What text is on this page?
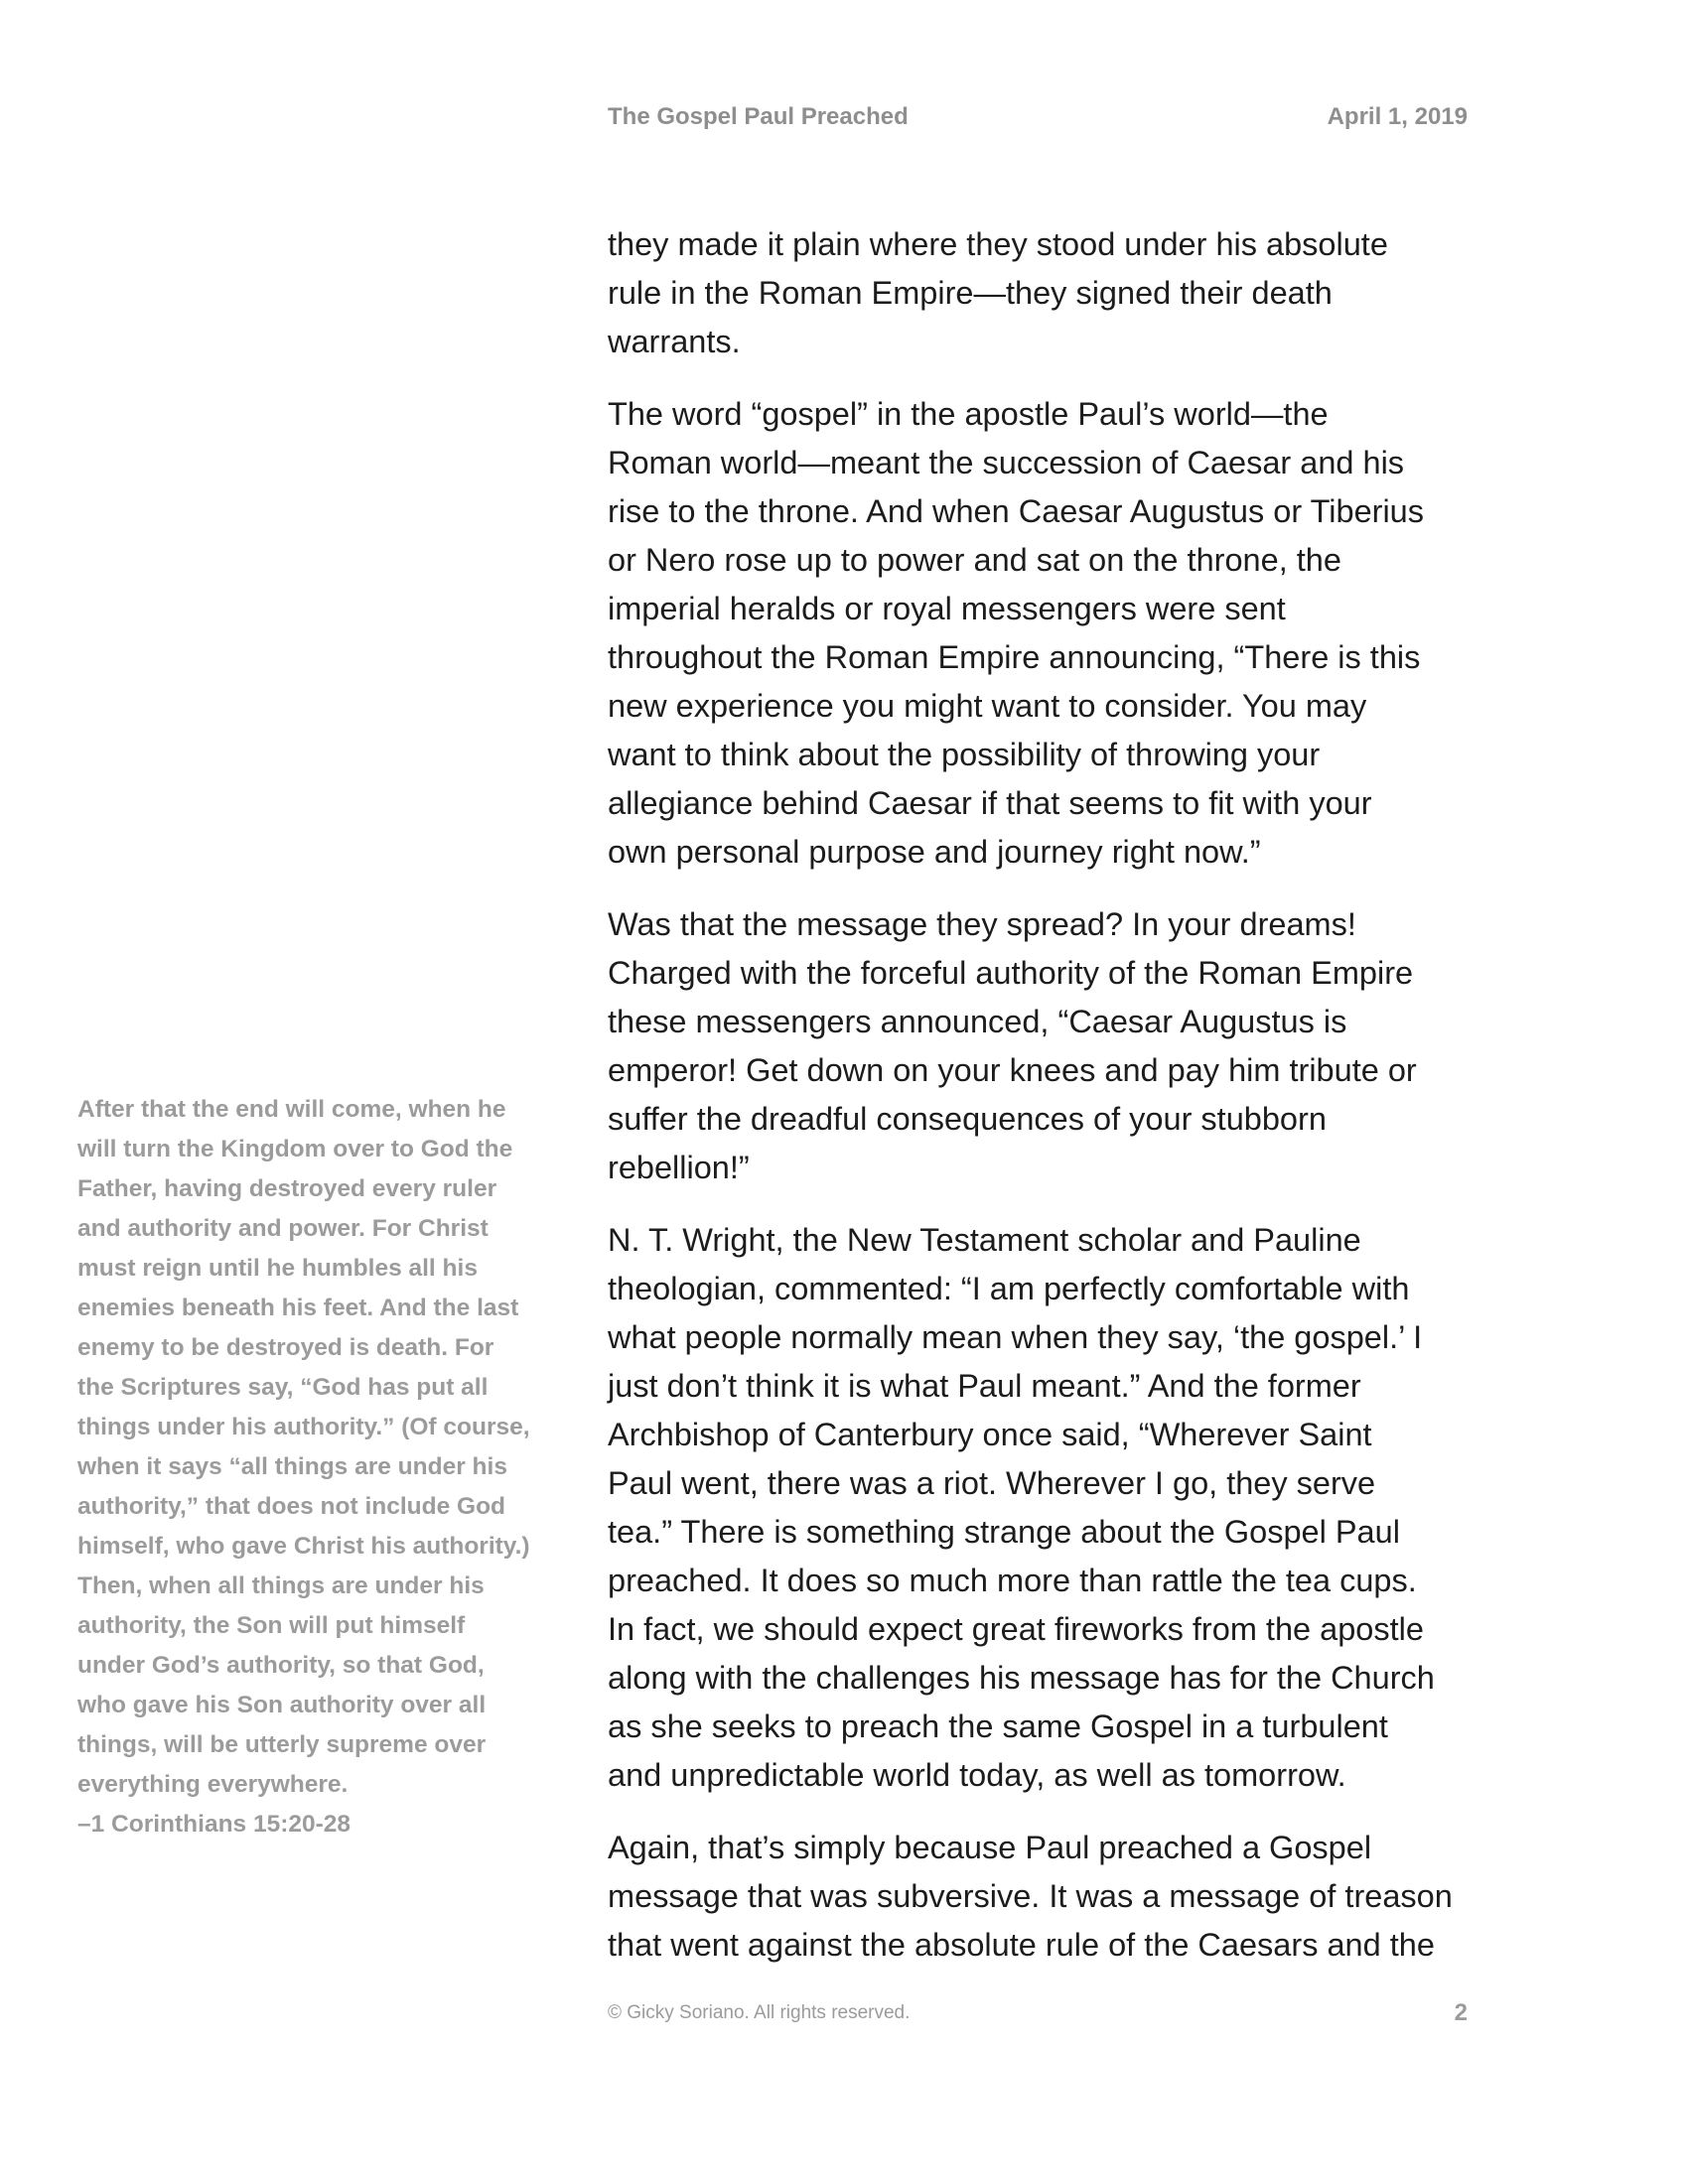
The Gospel Paul Preached	April 1, 2019
After that the end will come, when he
will turn the Kingdom over to God the
Father, having destroyed every ruler
and authority and power. For Christ
must reign until he humbles all his
enemies beneath his feet. And the last
enemy to be destroyed is death. For
the Scriptures say, “God has put all
things under his authority.” (Of course,
when it says “all things are under his
authority,” that does not include God
himself, who gave Christ his authority.)
Then, when all things are under his
authority, the Son will put himself
under God’s authority, so that God,
who gave his Son authority over all
things, will be utterly supreme over
everything everywhere.
–1 Corinthians 15:20-28

they made it plain where they stood under his absolute
rule in the Roman Empire—they signed their death
warrants.

The word “gospel” in the apostle Paul’s world—the
Roman world—meant the succession of Caesar and his
rise to the throne. And when Caesar Augustus or Tiberius
or Nero rose up to power and sat on the throne, the
imperial heralds or royal messengers were sent
throughout the Roman Empire announcing, “There is this
new experience you might want to consider. You may
want to think about the possibility of throwing your
allegiance behind Caesar if that seems to fit with your
own personal purpose and journey right now.”

Was that the message they spread? In your dreams!
Charged with the forceful authority of the Roman Empire
these messengers announced, “Caesar Augustus is
emperor! Get down on your knees and pay him tribute or
suffer the dreadful consequences of your stubborn
rebellion!”

N. T. Wright, the New Testament scholar and Pauline
theologian, commented: “I am perfectly comfortable with
what people normally mean when they say, ‘the gospel.’ I
just don’t think it is what Paul meant.” And the former
Archbishop of Canterbury once said, “Wherever Saint
Paul went, there was a riot. Wherever I go, they serve
tea.” There is something strange about the Gospel Paul
preached. It does so much more than rattle the tea cups.
In fact, we should expect great fireworks from the apostle
along with the challenges his message has for the Church
as she seeks to preach the same Gospel in a turbulent
and unpredictable world today, as well as tomorrow.

Again, that’s simply because Paul preached a Gospel
message that was subversive. It was a message of treason
that went against the absolute rule of the Caesars and the

© Gicky Soriano. All rights reserved.	2
